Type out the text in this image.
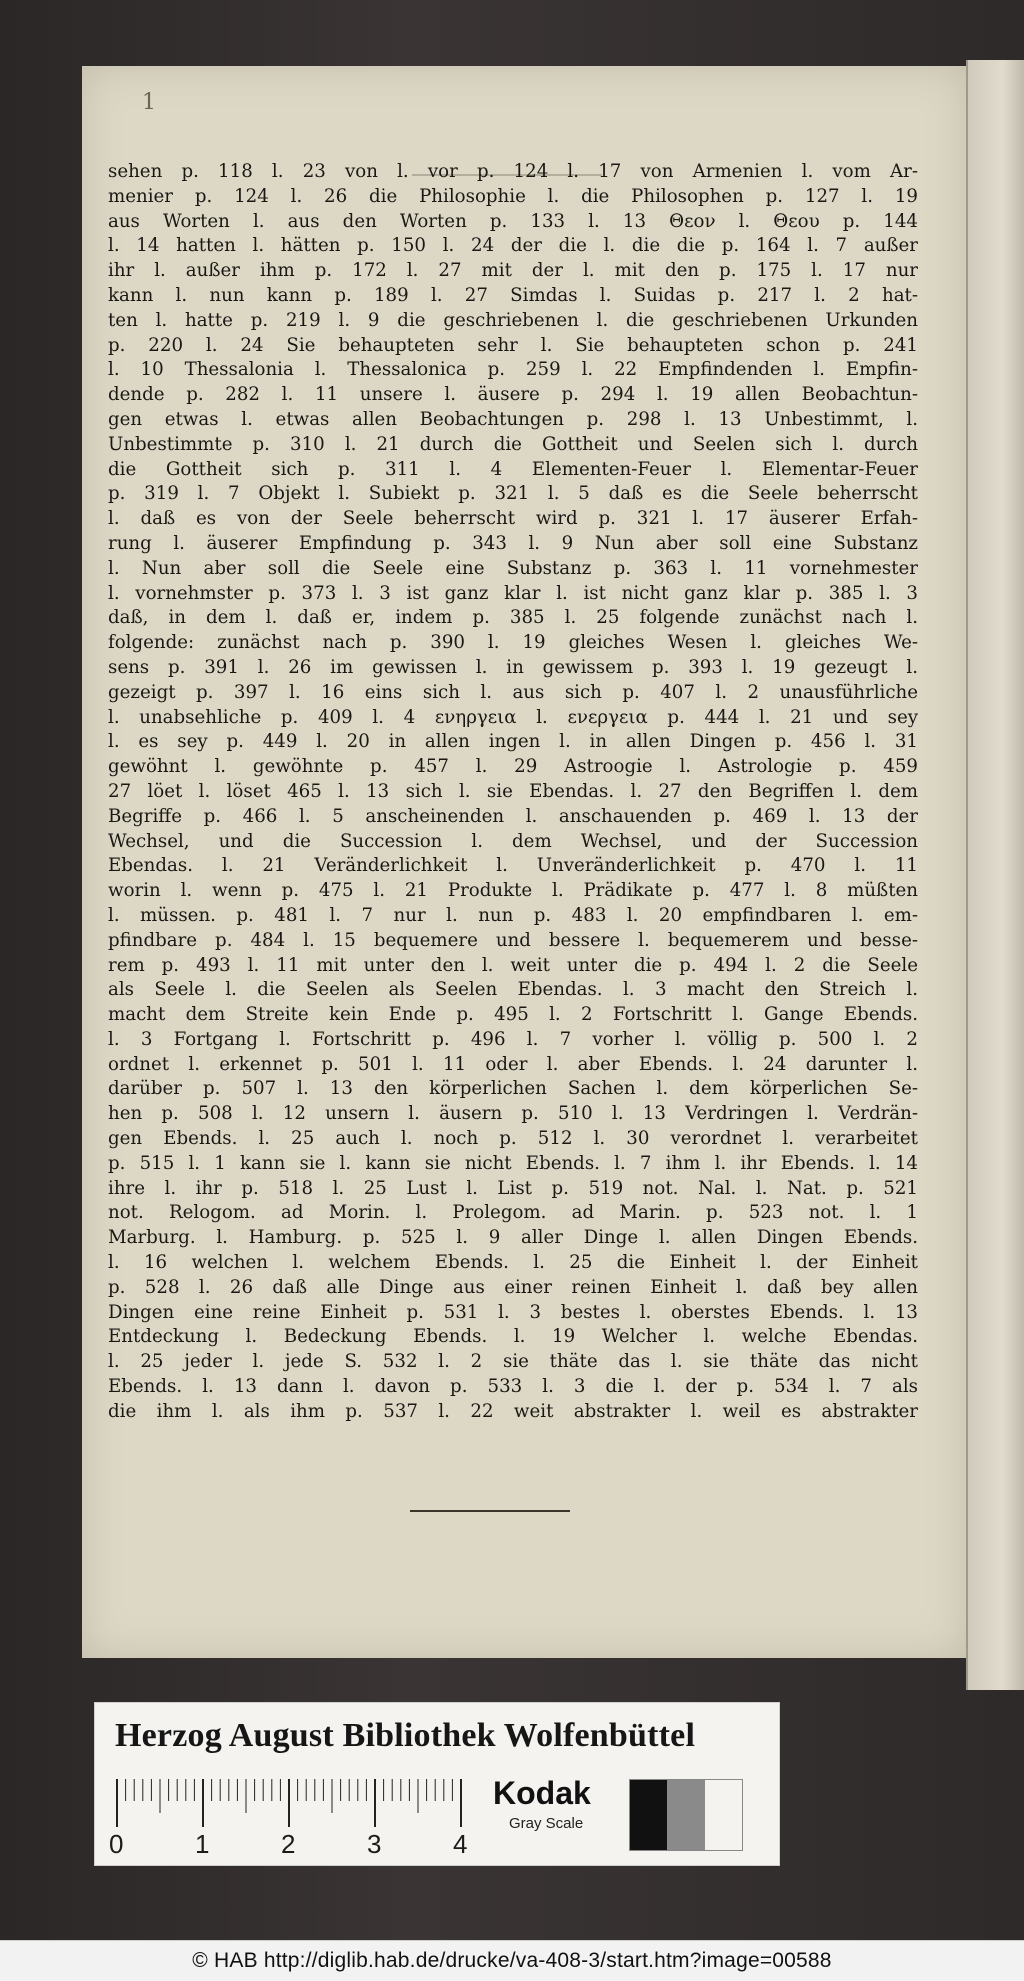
1
sehen p. 118 l. 23 von l. vor p. 124 l. 17 von Armenien l. vom Ar-
menier p. 124 l. 26 die Philosophie l. die Philosophen p. 127 l. 19
aus Worten l. aus den Worten p. 133 l. 13 Θεον l. Θεου p. 144
l. 14 hatten l. hätten p. 150 l. 24 der die l. die die p. 164 l. 7 außer
ihr l. außer ihm p. 172 l. 27 mit der l. mit den p. 175 l. 17 nur
kann l. nun kann p. 189 l. 27 Simdas l. Suidas p. 217 l. 2 hat-
ten l. hatte p. 219 l. 9 die geschriebenen l. die geschriebenen Urkunden
p. 220 l. 24 Sie behaupteten sehr l. Sie behaupteten schon p. 241
l. 10 Thessalonia l. Thessalonica p. 259 l. 22 Empfindenden l. Empfin-
dende p. 282 l. 11 unsere l. äusere p. 294 l. 19 allen Beobachtun-
gen etwas l. etwas allen Beobachtungen p. 298 l. 13 Unbestimmt, l.
Unbestimmte p. 310 l. 21 durch die Gottheit und Seelen sich l. durch
die Gottheit sich p. 311 l. 4 Elementen-Feuer l. Elementar-Feuer
p. 319 l. 7 Objekt l. Subiekt p. 321 l. 5 daß es die Seele beherrscht
l. daß es von der Seele beherrscht wird p. 321 l. 17 äuserer Erfah-
rung l. äuserer Empfindung p. 343 l. 9 Nun aber soll eine Substanz
l. Nun aber soll die Seele eine Substanz p. 363 l. 11 vornehmester
l. vornehmster p. 373 l. 3 ist ganz klar l. ist nicht ganz klar p. 385 l. 3
daß, in dem l. daß er, indem p. 385 l. 25 folgende zunächst nach l.
folgende: zunächst nach p. 390 l. 19 gleiches Wesen l. gleiches We-
sens p. 391 l. 26 im gewissen l. in gewissem p. 393 l. 19 gezeugt l.
gezeigt p. 397 l. 16 eins sich l. aus sich p. 407 l. 2 unausführliche
l. unabsehliche p. 409 l. 4 ενηργεια l. ενεργεια p. 444 l. 21 und sey
l. es sey p. 449 l. 20 in allen ingen l. in allen Dingen p. 456 l. 31
gewöhnt l. gewöhnte p. 457 l. 29 Astroogie l. Astrologie p. 459
27 löet l. löset 465 l. 13 sich l. sie Ebendas. l. 27 den Begriffen l. dem
Begriffe p. 466 l. 5 anscheinenden l. anschauenden p. 469 l. 13 der
Wechsel, und die Succession l. dem Wechsel, und der Succession
Ebendas. l. 21 Veränderlichkeit l. Unveränderlichkeit p. 470 l. 11
worin l. wenn p. 475 l. 21 Produkte l. Prädikate p. 477 l. 8 müßten
l. müssen. p. 481 l. 7 nur l. nun p. 483 l. 20 empfindbaren l. em-
pfindbare p. 484 l. 15 bequemere und bessere l. bequemerem und besse-
rem p. 493 l. 11 mit unter den l. weit unter die p. 494 l. 2 die Seele
als Seele l. die Seelen als Seelen Ebendas. l. 3 macht den Streich l.
macht dem Streite kein Ende p. 495 l. 2 Fortschritt l. Gange Ebends.
l. 3 Fortgang l. Fortschritt p. 496 l. 7 vorher l. völlig p. 500 l. 2
ordnet l. erkennet p. 501 l. 11 oder l. aber Ebends. l. 24 darunter l.
darüber p. 507 l. 13 den körperlichen Sachen l. dem körperlichen Se-
hen p. 508 l. 12 unsern l. äusern p. 510 l. 13 Verdringen l. Verdrän-
gen Ebends. l. 25 auch l. noch p. 512 l. 30 verordnet l. verarbeitet
p. 515 l. 1 kann sie l. kann sie nicht Ebends. l. 7 ihm l. ihr Ebends. l. 14
ihre l. ihr p. 518 l. 25 Lust l. List p. 519 not. Nal. l. Nat. p. 521
not. Relogom. ad Morin. l. Prolegom. ad Marin. p. 523 not. l. 1
Marburg. l. Hamburg. p. 525 l. 9 aller Dinge l. allen Dingen Ebends.
l. 16 welchen l. welchem Ebends. l. 25 die Einheit l. der Einheit
p. 528 l. 26 daß alle Dinge aus einer reinen Einheit l. daß bey allen
Dingen eine reine Einheit p. 531 l. 3 bestes l. oberstes Ebends. l. 13
Entdeckung l. Bedeckung Ebends. l. 19 Welcher l. welche Ebendas.
l. 25 jeder l. jede S. 532 l. 2 sie thäte das l. sie thäte das nicht
Ebends. l. 13 dann l. davon p. 533 l. 3 die l. der p. 534 l. 7 als
die ihm l. als ihm p. 537 l. 22 weit abstrakter l. weil es abstrakter
Herzog August Bibliothek Wolfenbüttel
0	1	2	3	4
Kodak
Gray Scale
© HAB http://diglib.hab.de/drucke/va-408-3/start.htm?image=00588
